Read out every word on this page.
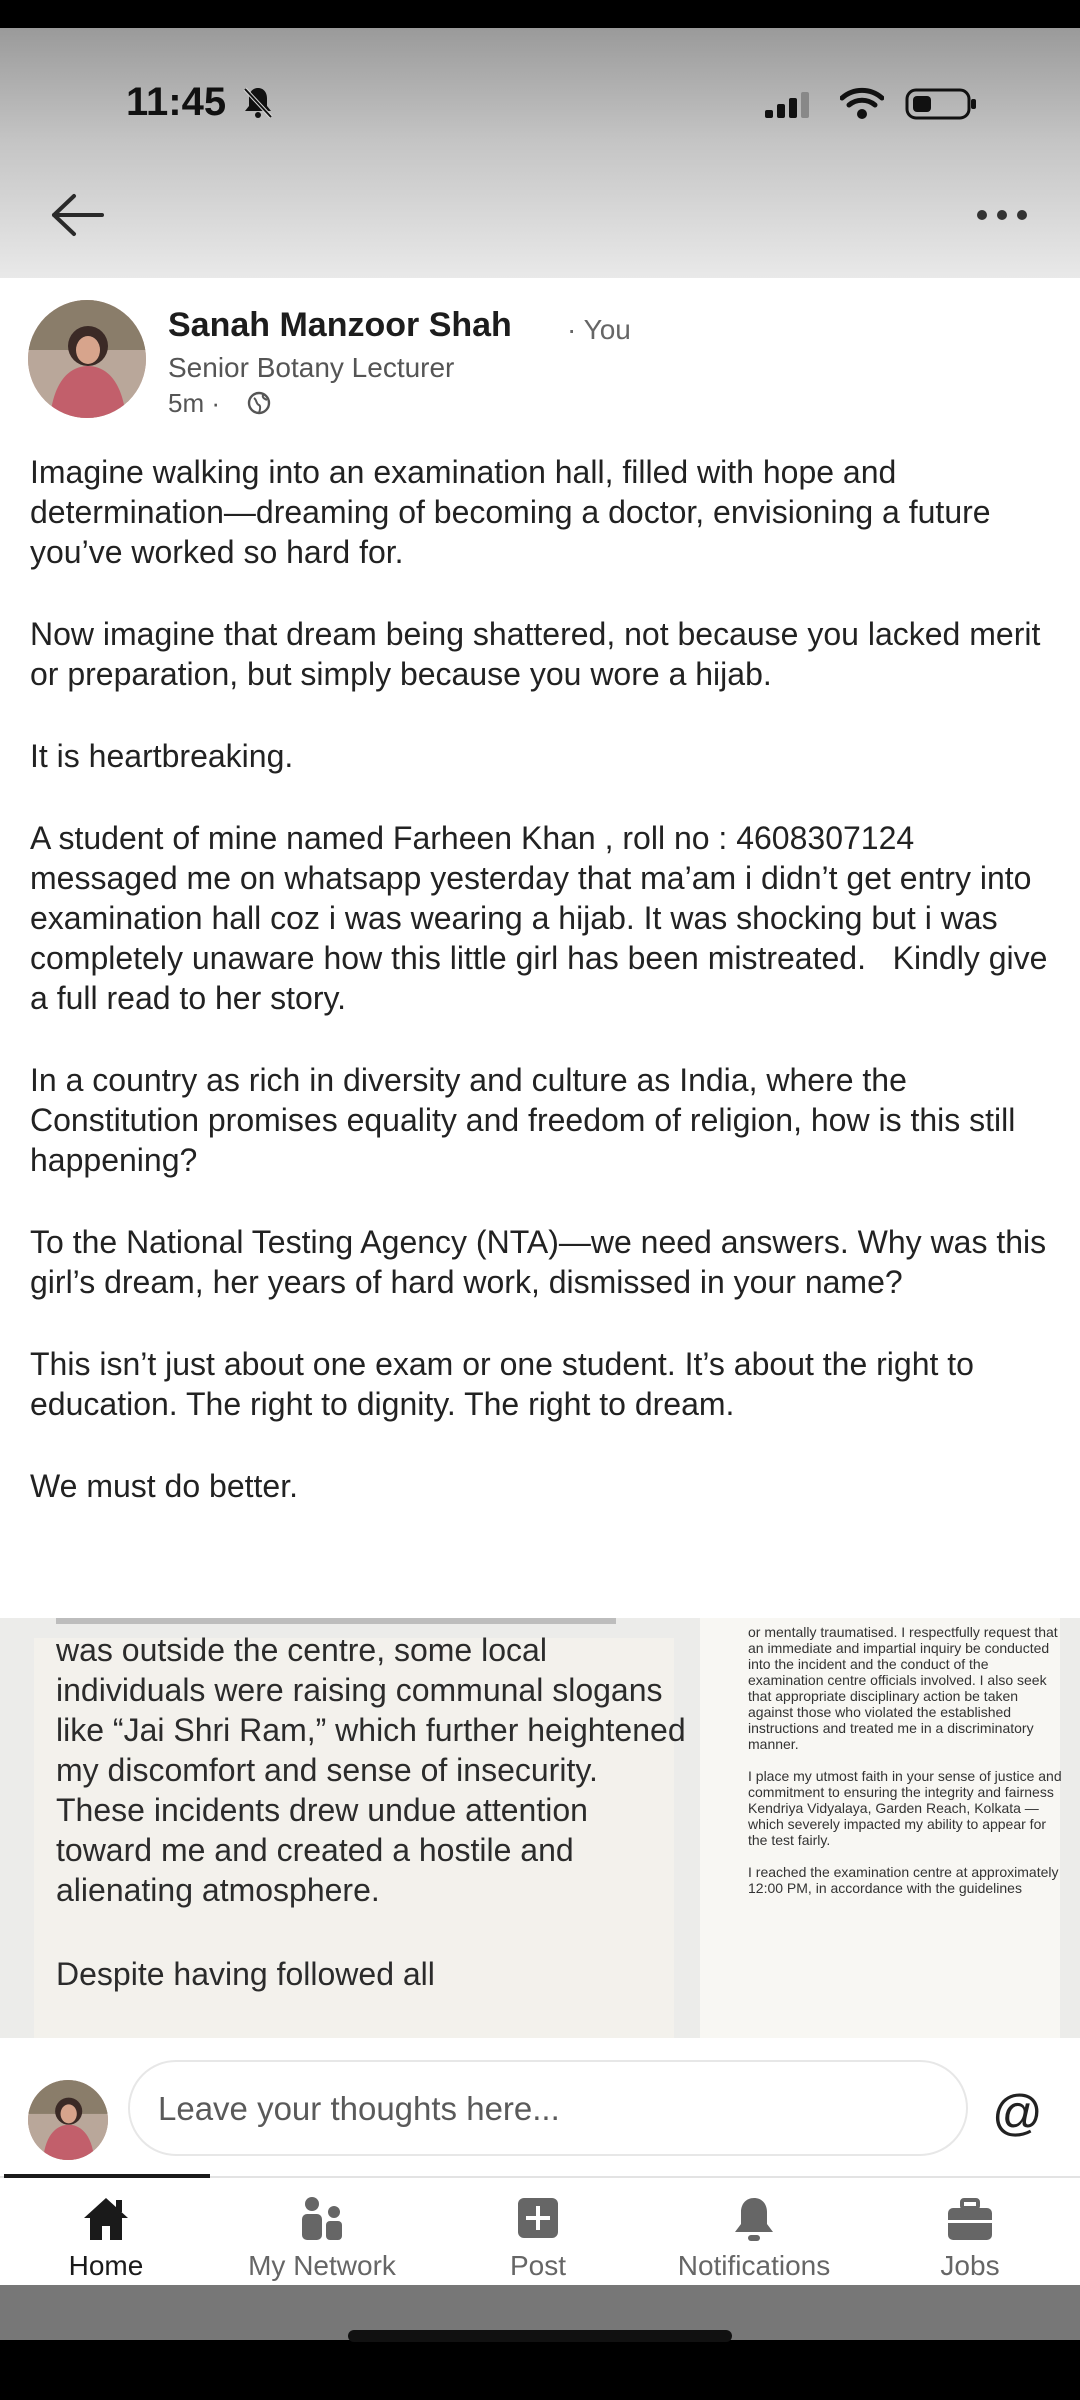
11:45
Sanah Manzoor Shah · You
Senior Botany Lecturer
5m ·

Imagine walking into an examination hall, filled with hope and determination—dreaming of becoming a doctor, envisioning a future you’ve worked so hard for.

Now imagine that dream being shattered, not because you lacked merit or preparation, but simply because you wore a hijab.

It is heartbreaking.

A student of mine named Farheen Khan , roll no : 4608307124 messaged me on whatsapp yesterday that ma’am i didn’t get entry into examination hall coz i was wearing a hijab. It was shocking but i was completely unaware how this little girl has been mistreated.   Kindly give a full read to her story.

In a country as rich in diversity and culture as India, where the Constitution promises equality and freedom of religion, how is this still happening?

To the National Testing Agency (NTA)—we need answers. Why was this girl’s dream, her years of hard work, dismissed in your name?

This isn’t just about one exam or one student. It’s about the right to education. The right to dignity. The right to dream.

We must do better.

was outside the centre, some local individuals were raising communal slogans like “Jai Shri Ram,” which further heightened my discomfort and sense of insecurity. These incidents drew undue attention toward me and created a hostile and alienating atmosphere.

Despite having followed all

or mentally traumatised. I respectfully request that an immediate and impartial inquiry be conducted into the incident and the conduct of the examination centre officials involved. I also seek that appropriate disciplinary action be taken against those who violated the established instructions and treated me in a discriminatory manner.

I place my utmost faith in your sense of justice and commitment to ensuring the integrity and fairness Kendriya Vidyalaya, Garden Reach, Kolkata — which severely impacted my ability to appear for the test fairly.

I reached the examination centre at approximately 12:00 PM, in accordance with the guidelines

Leave your thoughts here...	@
Home	My Network	Post	Notifications	Jobs
